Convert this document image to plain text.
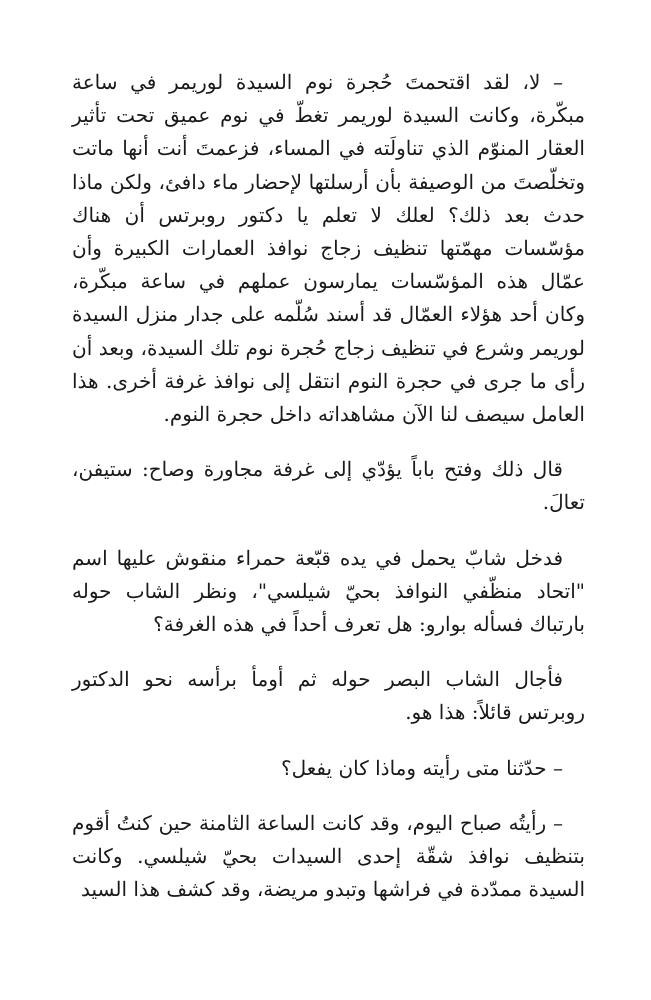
– لا، لقد اقتحمتَ حُجرة نوم السيدة لوريمر في ساعة مبكّرة، وكانت السيدة لوريمر تغطّ في نوم عميق تحت تأثير العقار المنوّم الذي تناولَته في المساء، فزعمتَ أنت أنها ماتت وتخلّصتَ من الوصيفة بأن أرسلتها لإحضار ماء دافئ، ولكن ماذا حدث بعد ذلك؟ لعلك لا تعلم يا دكتور روبرتس أن هناك مؤسّسات مهمّتها تنظيف زجاج نوافذ العمارات الكبيرة وأن عمّال هذه المؤسّسات يمارسون عملهم في ساعة مبكّرة، وكان أحد هؤلاء العمّال قد أسند سُلّمه على جدار منزل السيدة لوريمر وشرع في تنظيف زجاج حُجرة نوم تلك السيدة، وبعد أن رأى ما جرى في حجرة النوم انتقل إلى نوافذ غرفة أخرى. هذا العامل سيصف لنا الآن مشاهداته داخل حجرة النوم.

قال ذلك وفتح باباً يؤدّي إلى غرفة مجاورة وصاح: ستيفن، تعالَ.

فدخل شابّ يحمل في يده قبّعة حمراء منقوش عليها اسم "اتحاد منظّفي النوافذ بحيّ شيلسي"، ونظر الشاب حوله بارتباك فسأله بوارو: هل تعرف أحداً في هذه الغرفة؟

فأجال الشاب البصر حوله ثم أومأ برأسه نحو الدكتور روبرتس قائلاً: هذا هو.

– حدّثنا متى رأيته وماذا كان يفعل؟

– رأيتُه صباح اليوم، وقد كانت الساعة الثامنة حين كنتُ أقوم بتنظيف نوافذ شقّة إحدى السيدات بحيّ شيلسي. وكانت السيدة ممدّدة في فراشها وتبدو مريضة، وقد كشف هذا السيد
